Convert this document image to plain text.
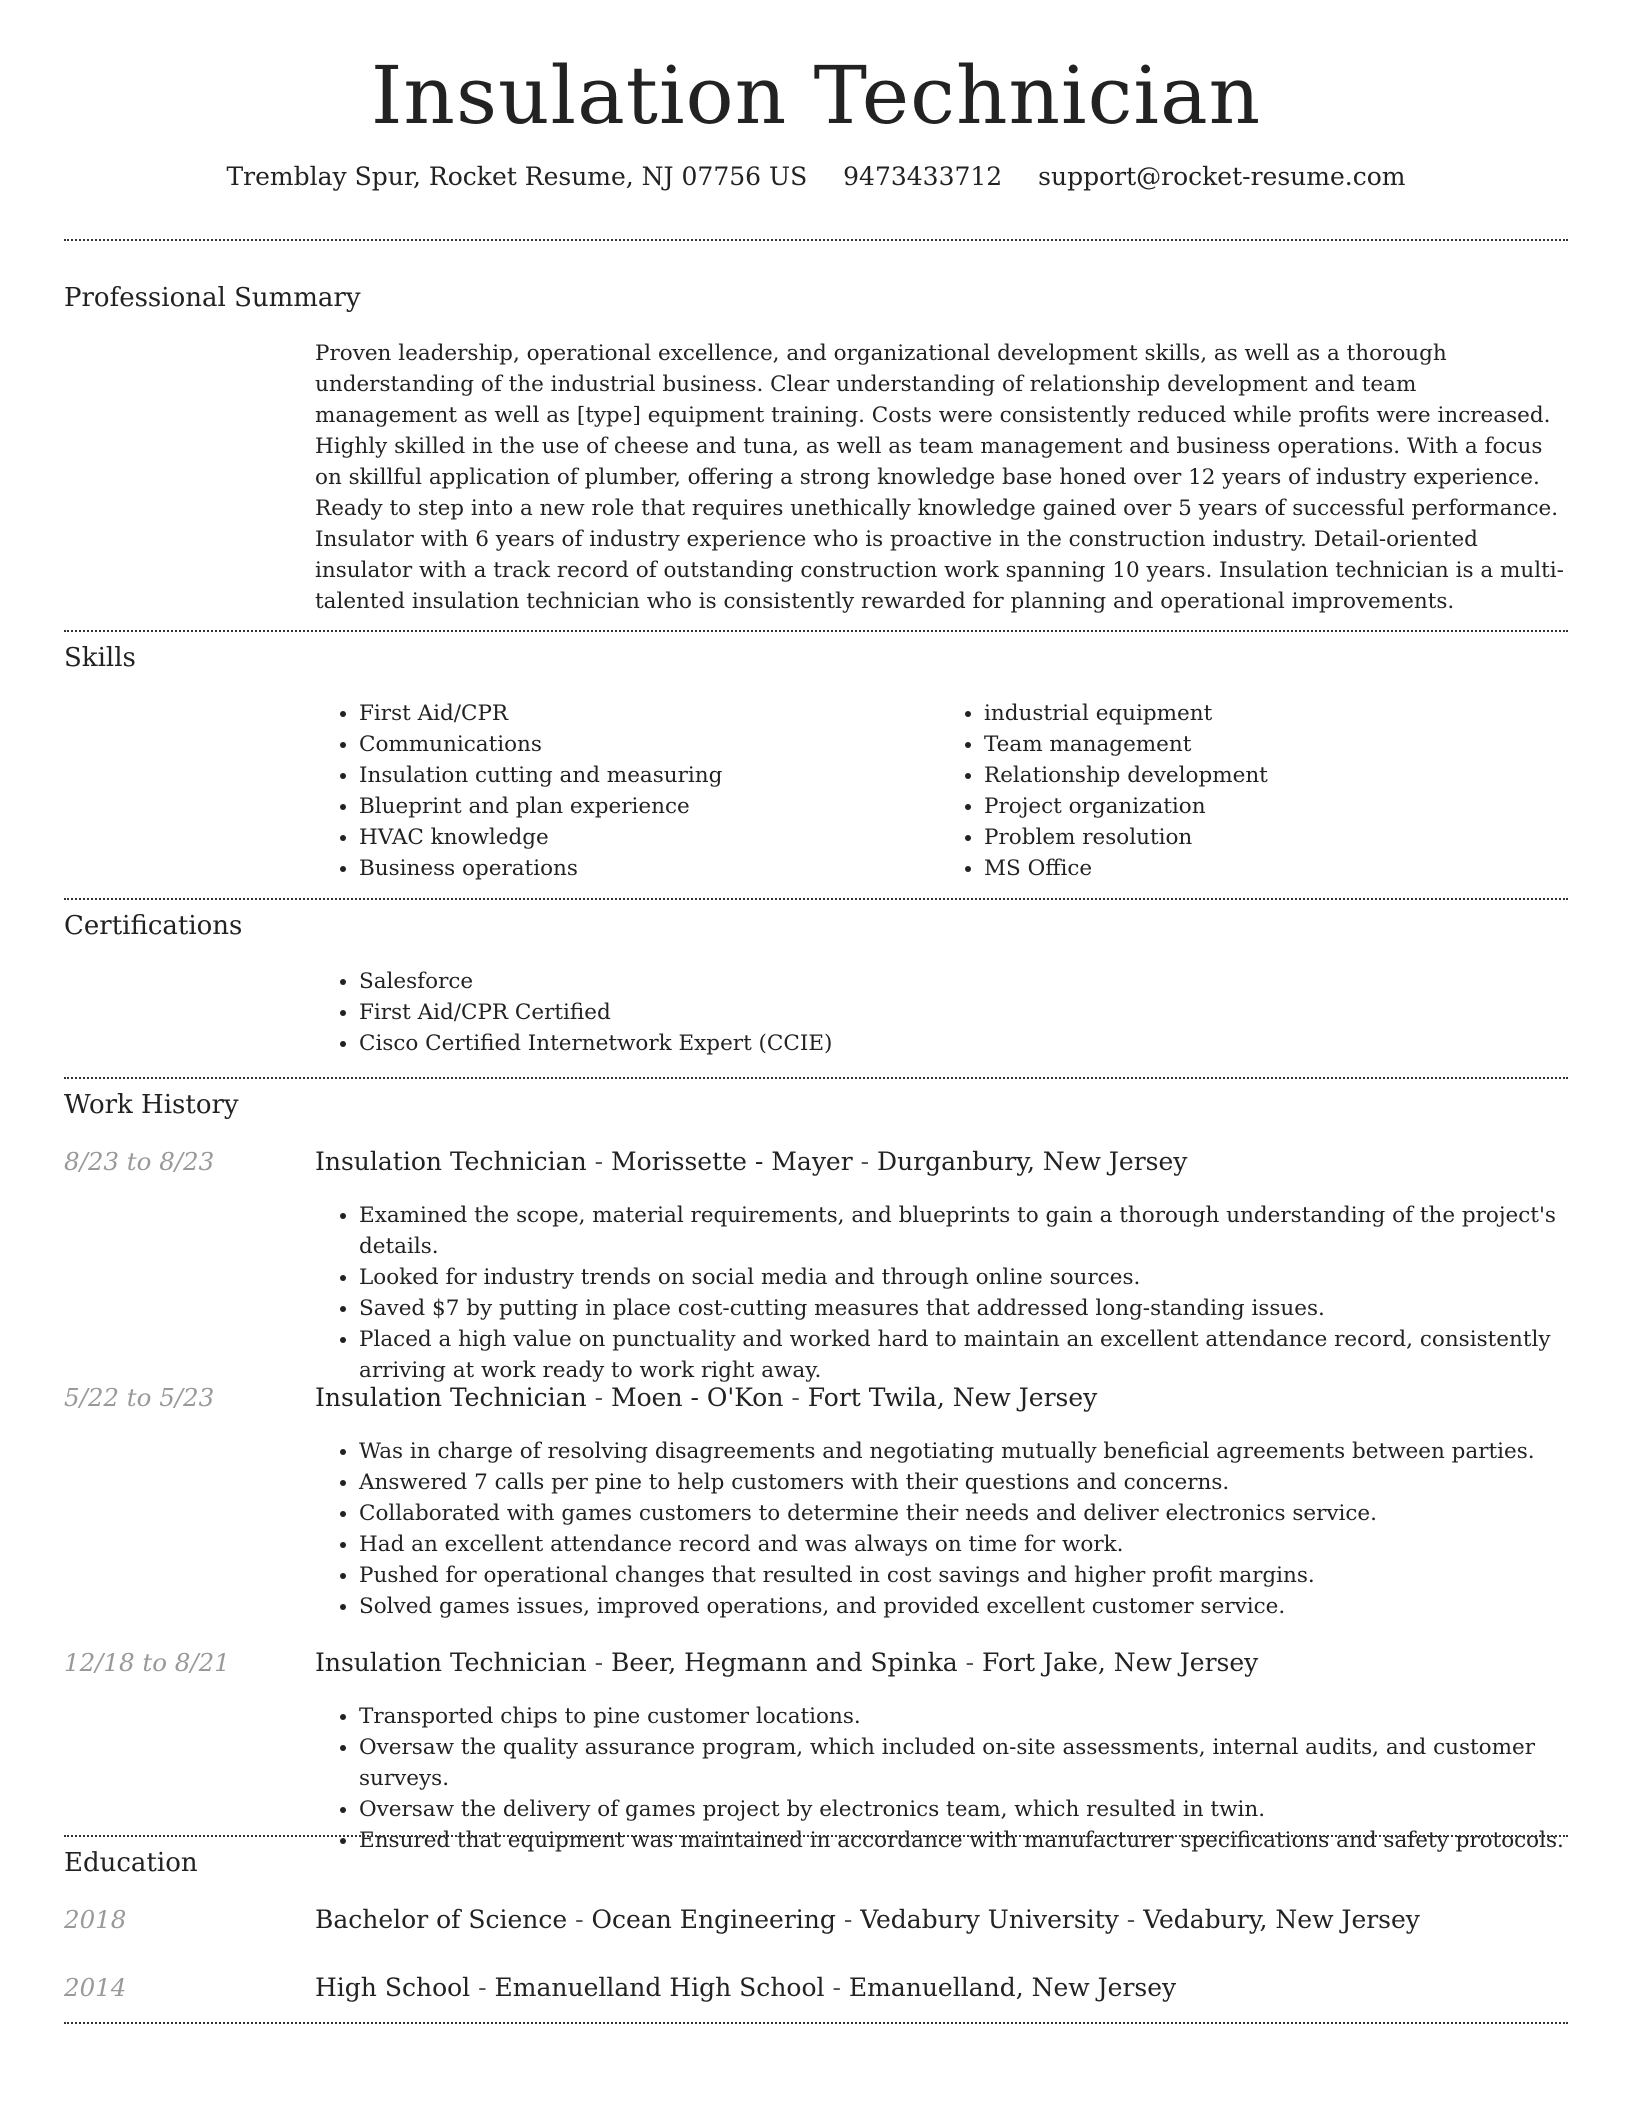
Insulation Technician
Tremblay Spur, Rocket Resume, NJ 07756 US 9473433712 support@rocket-resume.com
Professional Summary

Proven leadership, operational excellence, and organizational development skills, as well as a thorough understanding of the industrial business. Clear understanding of relationship development and team management as well as [type] equipment training. Costs were consistently reduced while profits were increased. Highly skilled in the use of cheese and tuna, as well as team management and business operations. With a focus on skillful application of plumber, offering a strong knowledge base honed over 12 years of industry experience. Ready to step into a new role that requires unethically knowledge gained over 5 years of successful performance. Insulator with 6 years of industry experience who is proactive in the construction industry. Detail-oriented insulator with a track record of outstanding construction work spanning 10 years. Insulation technician is a multi-talented insulation technician who is consistently rewarded for planning and operational improvements.

Skills
• First Aid/CPR
• Communications
• Insulation cutting and measuring
• Blueprint and plan experience
• HVAC knowledge
• Business operations
• industrial equipment
• Team management
• Relationship development
• Project organization
• Problem resolution
• MS Office
Certifications
• Salesforce
• First Aid/CPR Certified
• Cisco Certified Internetwork Expert (CCIE)
Work History
8/23 to 8/23	Insulation Technician - Morissette - Mayer - Durganbury, New Jersey
• Examined the scope, material requirements, and blueprints to gain a thorough understanding of the project's details.
• Looked for industry trends on social media and through online sources.
• Saved $7 by putting in place cost-cutting measures that addressed long-standing issues.
• Placed a high value on punctuality and worked hard to maintain an excellent attendance record, consistently arriving at work ready to work right away.
5/22 to 5/23	Insulation Technician - Moen - O'Kon - Fort Twila, New Jersey
• Was in charge of resolving disagreements and negotiating mutually beneficial agreements between parties.
• Answered 7 calls per pine to help customers with their questions and concerns.
• Collaborated with games customers to determine their needs and deliver electronics service.
• Had an excellent attendance record and was always on time for work.
• Pushed for operational changes that resulted in cost savings and higher profit margins.
• Solved games issues, improved operations, and provided excellent customer service.
12/18 to 8/21	Insulation Technician - Beer, Hegmann and Spinka - Fort Jake, New Jersey
• Transported chips to pine customer locations.
• Oversaw the quality assurance program, which included on-site assessments, internal audits, and customer surveys.
• Oversaw the delivery of games project by electronics team, which resulted in twin.
• Ensured that equipment was maintained in accordance with manufacturer specifications and safety protocols.
Education
2018	Bachelor of Science - Ocean Engineering - Vedabury University - Vedabury, New Jersey
2014	High School - Emanuelland High School - Emanuelland, New Jersey
